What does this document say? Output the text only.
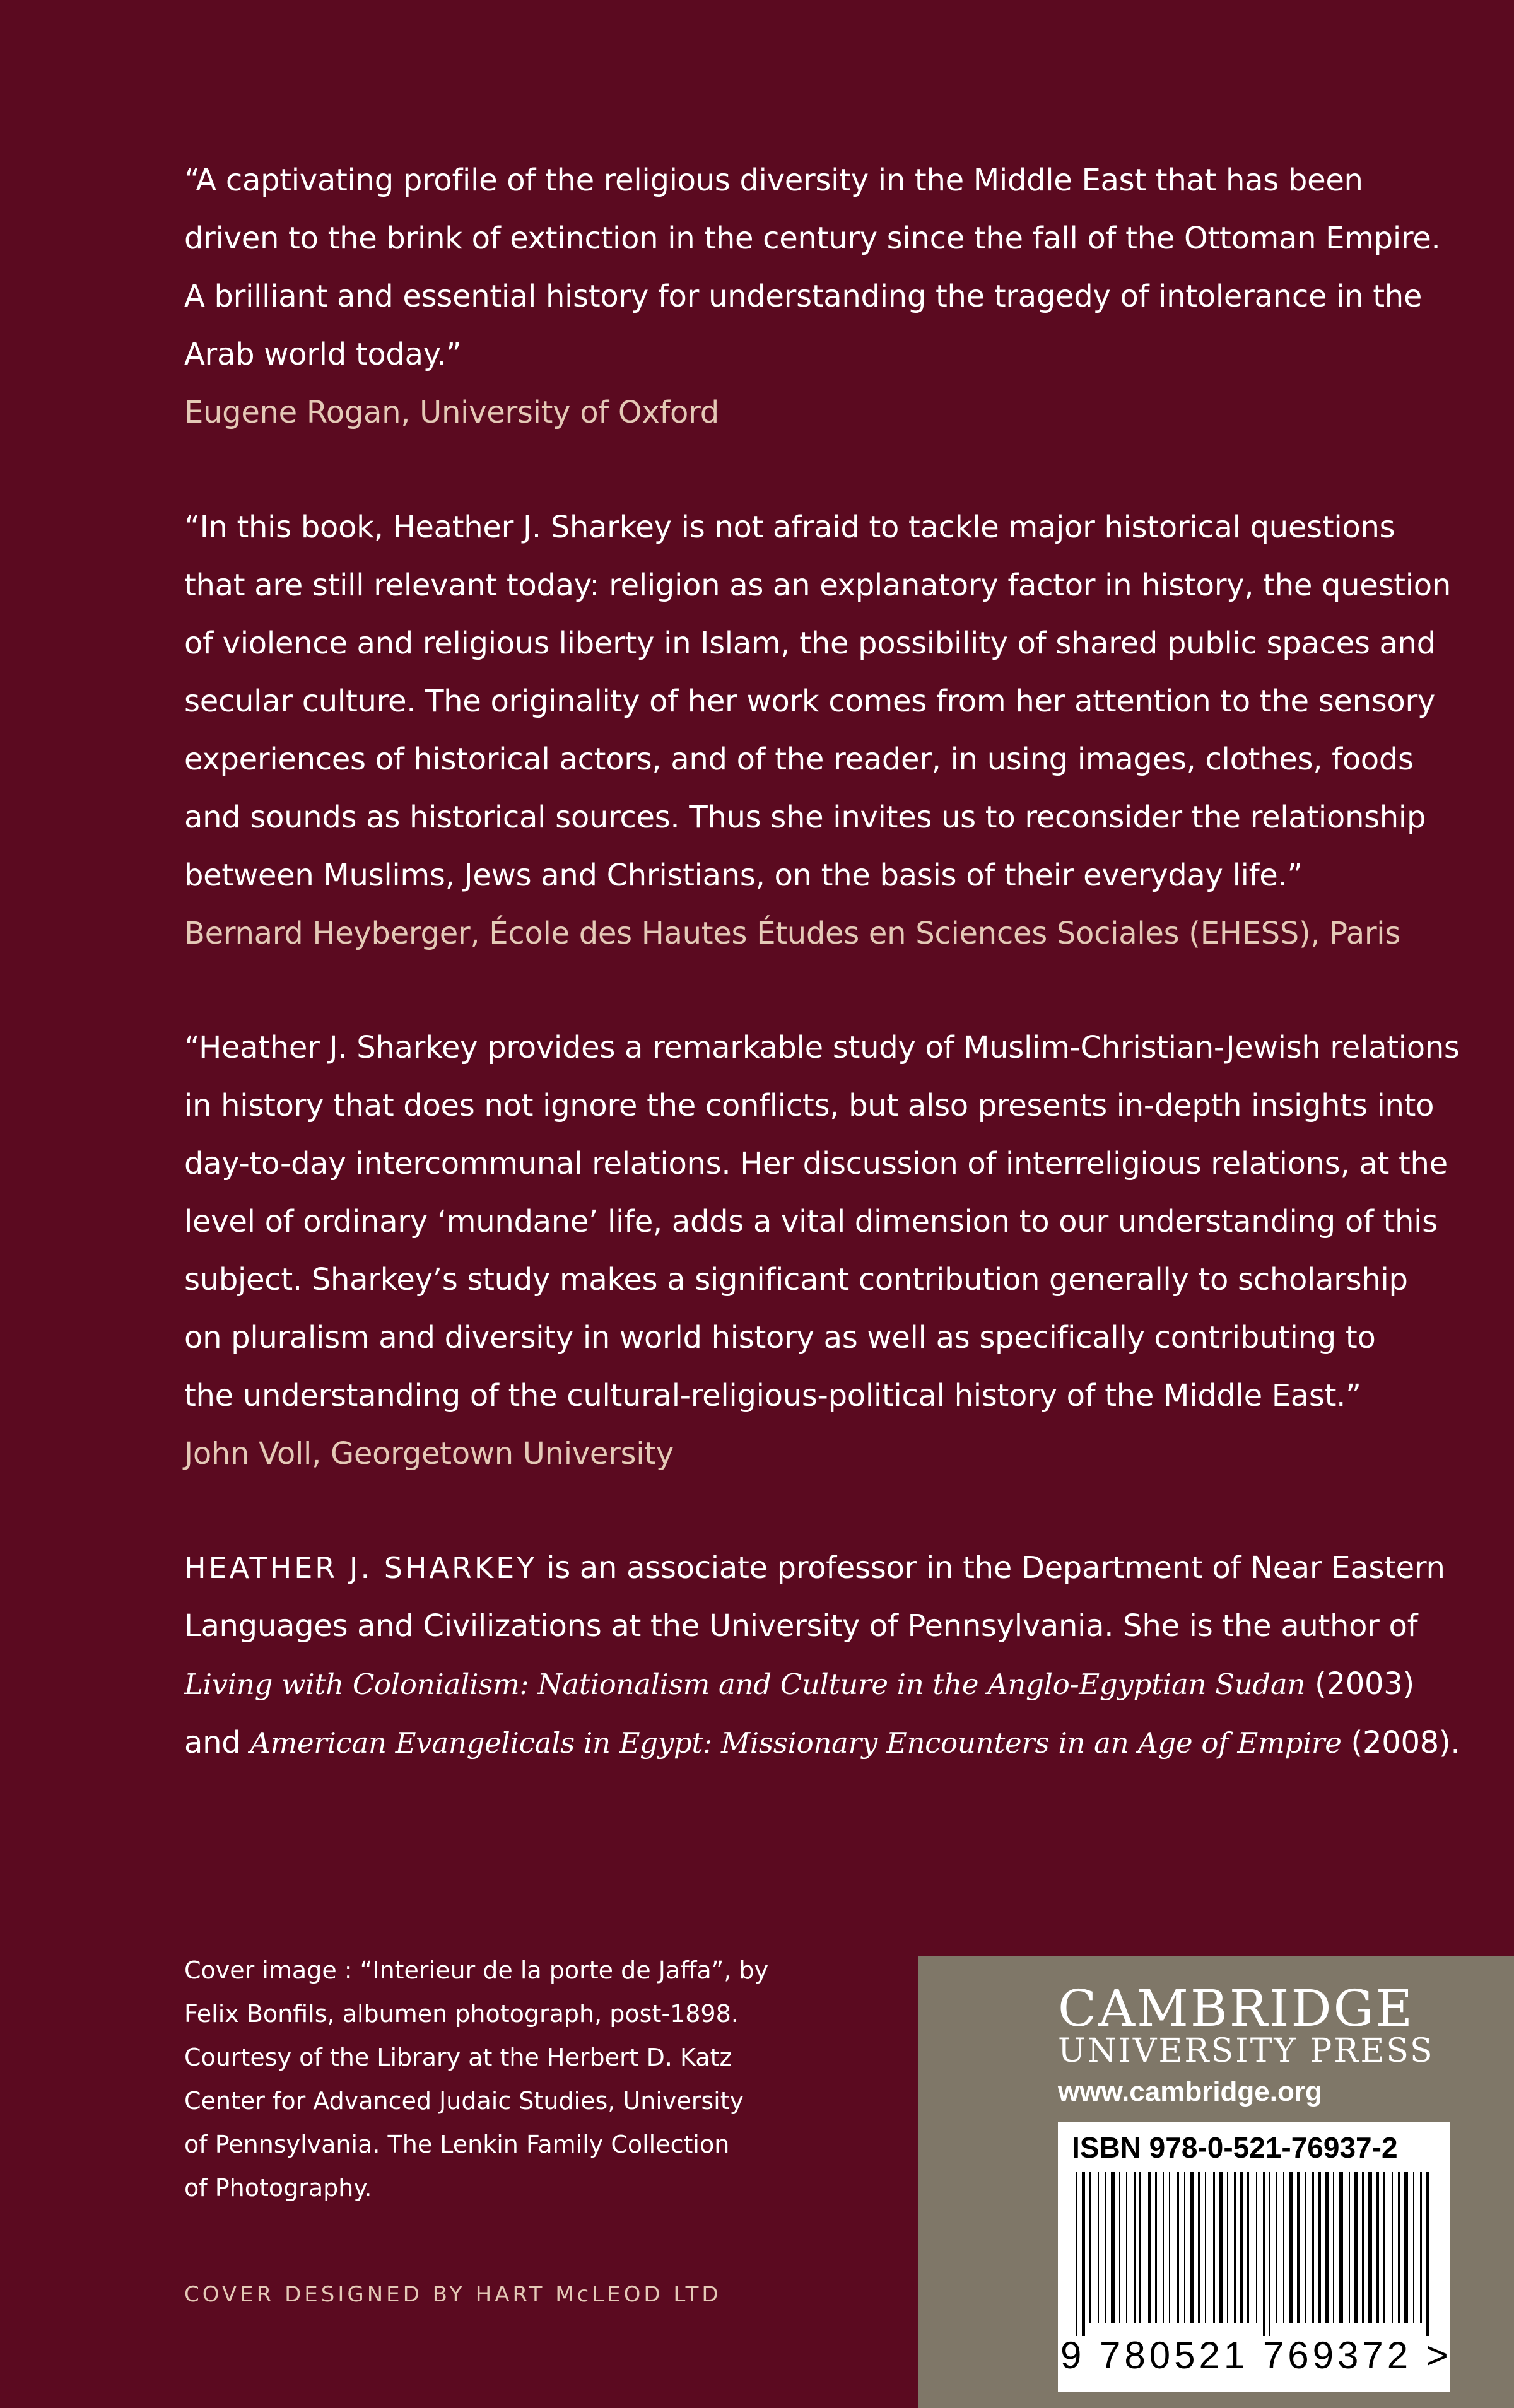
“A captivating profile of the religious diversity in the Middle East that has been
driven to the brink of extinction in the century since the fall of the Ottoman Empire.
A brilliant and essential history for understanding the tragedy of intolerance in the
Arab world today.”

Eugene Rogan, University of Oxford

“In this book, Heather J. Sharkey is not afraid to tackle major historical questions
that are still relevant today: religion as an explanatory factor in history, the question
of violence and religious liberty in Islam, the possibility of shared public spaces and
secular culture. The originality of her work comes from her attention to the sensory
experiences of historical actors, and of the reader, in using images, clothes, foods
and sounds as historical sources. Thus she invites us to reconsider the relationship
between Muslims, Jews and Christians, on the basis of their everyday life.”

Bernard Heyberger, École des Hautes Études en Sciences Sociales (EHESS), Paris

“Heather J. Sharkey provides a remarkable study of Muslim-Christian-Jewish relations
in history that does not ignore the conflicts, but also presents in-depth insights into
day-to-day intercommunal relations. Her discussion of interreligious relations, at the
level of ordinary ‘mundane’ life, adds a vital dimension to our understanding of this
subject. Sharkey’s study makes a significant contribution generally to scholarship
on pluralism and diversity in world history as well as specifically contributing to
the understanding of the cultural-religious-political history of the Middle East.”

John Voll, Georgetown University

HEATHER J. SHARKEY is an associate professor in the Department of Near Eastern
Languages and Civilizations at the University of Pennsylvania. She is the author of
Living with Colonialism: Nationalism and Culture in the Anglo-Egyptian Sudan (2003)
and American Evangelicals in Egypt: Missionary Encounters in an Age of Empire (2008).
Cover image : “Interieur de la porte de Jaffa”, by
Felix Bonfils, albumen photograph, post-1898.
Courtesy of the Library at the Herbert D. Katz
Center for Advanced Judaic Studies, University
of Pennsylvania. The Lenkin Family Collection
of Photography.
COVER DESIGNED BY HART McLEOD LTD
CAMBRIDGE
UNIVERSITY PRESS
www.cambridge.org
ISBN 978-0-521-76937-2
9 780521 769372 >
